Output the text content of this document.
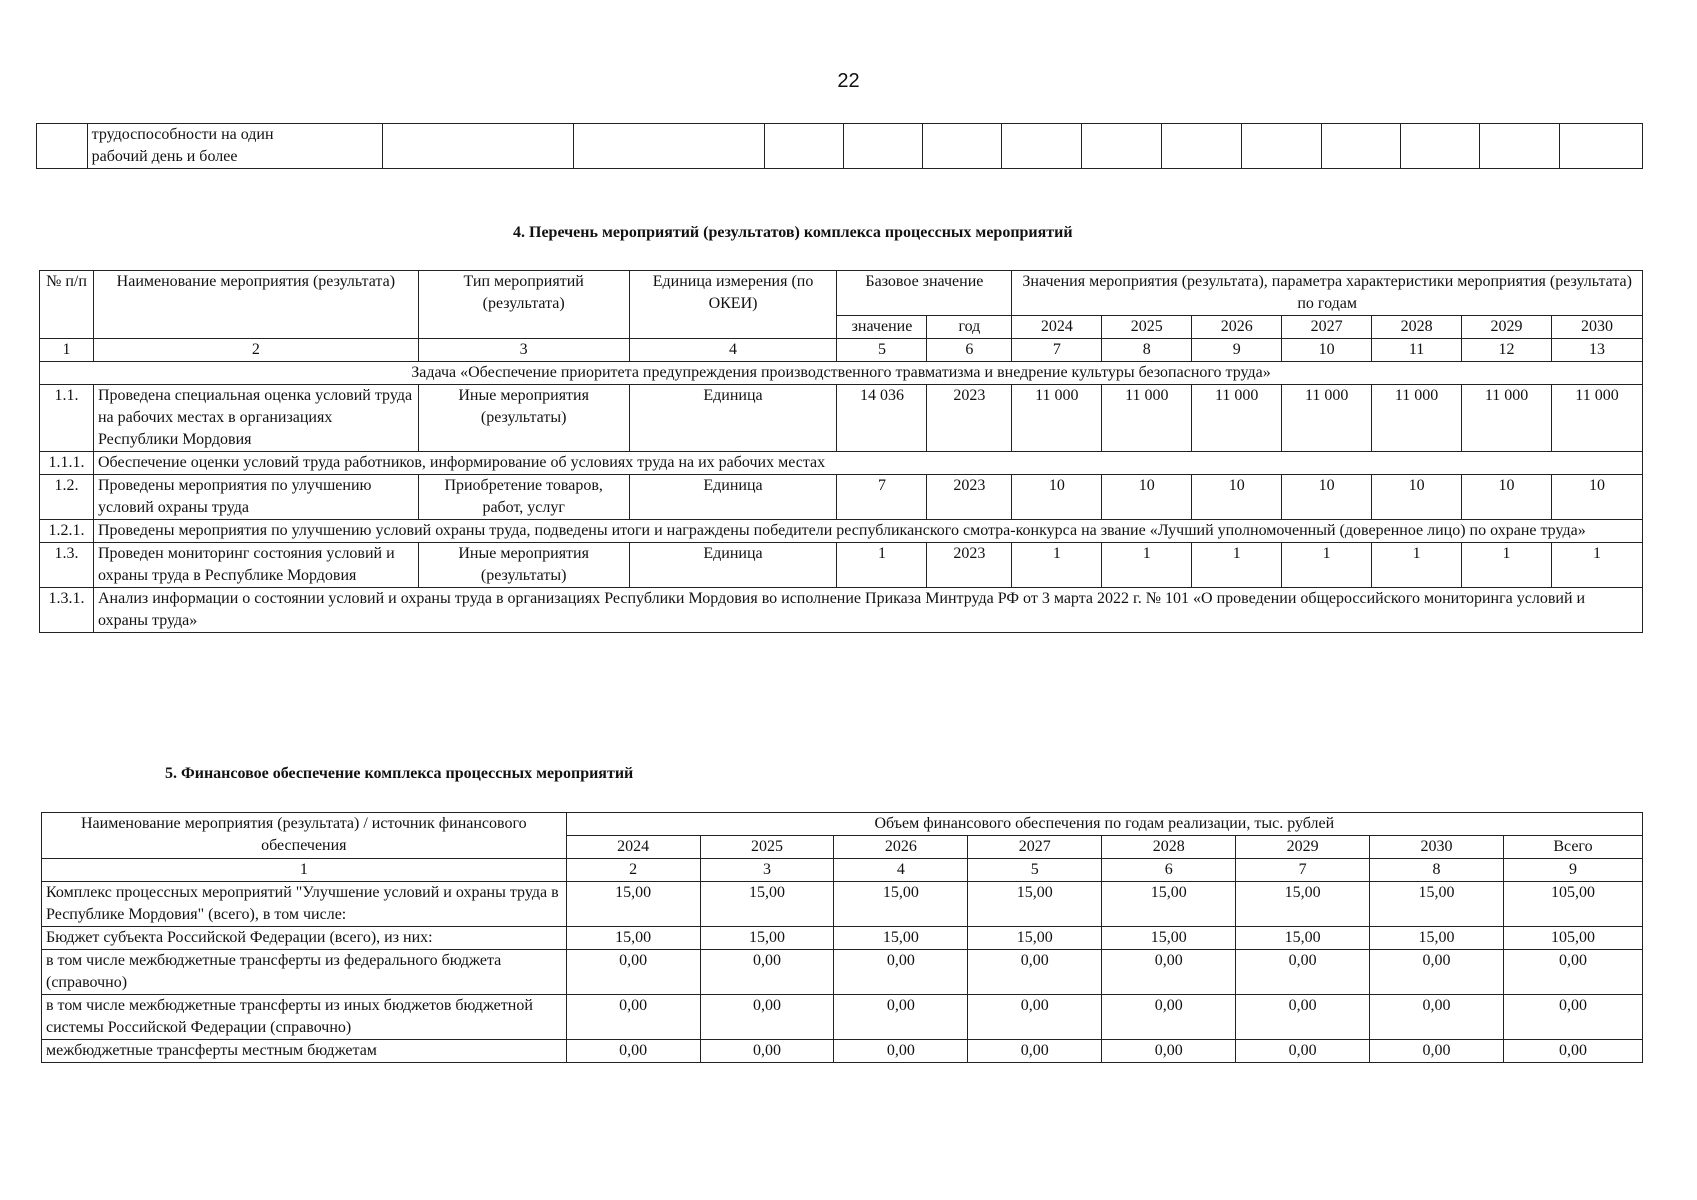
22

трудоспособности на один
рабочий день и более

4. Перечень мероприятий (результатов) комплекса процессных мероприятий
№ п/п	Наименование мероприятия (результата)	Тип мероприятий (результата)	Единица измерения (по ОКЕИ)	Базовое значение		Значения мероприятия (результата), параметра характеристики мероприятия (результата) по годам						
				значение	год	2024	2025	2026	2027	2028	2029	2030
1	2	3	4	5	6	7	8	9	10	11	12	13
Задача «Обеспечение приоритета предупреждения производственного травматизма и внедрение культуры безопасного труда»												
1.1.	Проведена специальная оценка условий труда на рабочих местах в организациях Республики Мордовия	Иные мероприятия (результаты)	Единица	14 036	2023	11 000	11 000	11 000	11 000	11 000	11 000	11 000
1.1.1.	Обеспечение оценки условий труда работников, информирование об условиях труда на их рабочих местах											
1.2.	Проведены мероприятия по улучшению условий охраны труда	Приобретение товаров, работ, услуг	Единица	7	2023	10	10	10	10	10	10	10
1.2.1.	Проведены мероприятия по улучшению условий охраны труда, подведены итоги и награждены победители республиканского смотра-конкурса на звание «Лучший уполномоченный (доверенное лицо) по охране труда»											
1.3.	Проведен мониторинг состояния условий и охраны труда в Республике Мордовия	Иные мероприятия (результаты)	Единица	1	2023	1	1	1	1	1	1	1
1.3.1.	Анализ информации о состоянии условий и охраны труда в организациях Республики Мордовия во исполнение Приказа Минтруда РФ от 3 марта 2022 г. № 101 «О проведении общероссийского мониторинга условий и охраны труда»											
5. Финансовое обеспечение комплекса процессных мероприятий
Наименование мероприятия (результата) / источник финансового обеспечения	Объем финансового обеспечения по годам реализации, тыс. рублей							
	2024	2025	2026	2027	2028	2029	2030	Всего
1	2	3	4	5	6	7	8	9
Комплекс процессных мероприятий "Улучшение условий и охраны труда в Республике Мордовия" (всего), в том числе:	15,00	15,00	15,00	15,00	15,00	15,00	15,00	105,00
Бюджет субъекта Российской Федерации (всего), из них:	15,00	15,00	15,00	15,00	15,00	15,00	15,00	105,00
в том числе межбюджетные трансферты из федерального бюджета (справочно)	0,00	0,00	0,00	0,00	0,00	0,00	0,00	0,00
в том числе межбюджетные трансферты из иных бюджетов бюджетной системы Российской Федерации (справочно)	0,00	0,00	0,00	0,00	0,00	0,00	0,00	0,00
межбюджетные трансферты местным бюджетам	0,00	0,00	0,00	0,00	0,00	0,00	0,00	0,00
